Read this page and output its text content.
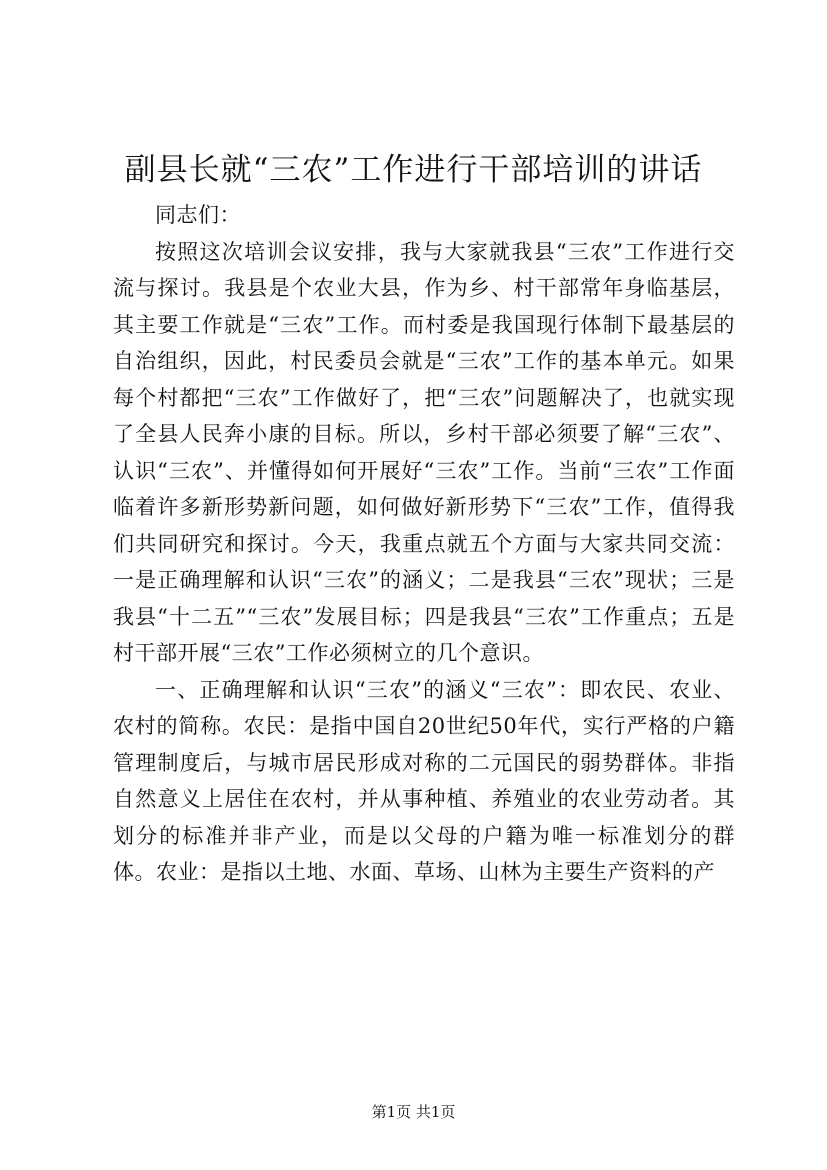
副县长就“三农”工作进行干部培训的讲话

同志们：

按照这次培训会议安排，我与大家就我县“三农”工作进行交流与探讨。我县是个农业大县，作为乡、村干部常年身临基层，其主要工作就是“三农”工作。而村委是我国现行体制下最基层的自治组织，因此，村民委员会就是“三农”工作的基本单元。如果每个村都把“三农”工作做好了，把“三农”问题解决了，也就实现了全县人民奔小康的目标。所以，乡村干部必须要了解“三农”、认识“三农”、并懂得如何开展好“三农”工作。当前“三农”工作面临着许多新形势新问题，如何做好新形势下“三农”工作，值得我们共同研究和探讨。今天，我重点就五个方面与大家共同交流：一是正确理解和认识“三农”的涵义；二是我县“三农”现状；三是我县“十二五”“三农”发展目标；四是我县“三农”工作重点；五是村干部开展“三农”工作必须树立的几个意识。

一、正确理解和认识“三农”的涵义“三农”：即农民、农业、农村的简称。农民：是指中国自20世纪50年代，实行严格的户籍管理制度后，与城市居民形成对称的二元国民的弱势群体。非指自然意义上居住在农村，并从事种植、养殖业的农业劳动者。其划分的标准并非产业，而是以父母的户籍为唯一标准划分的群体。农业：是指以土地、水面、草场、山林为主要生产资料的产

第1页 共1页
